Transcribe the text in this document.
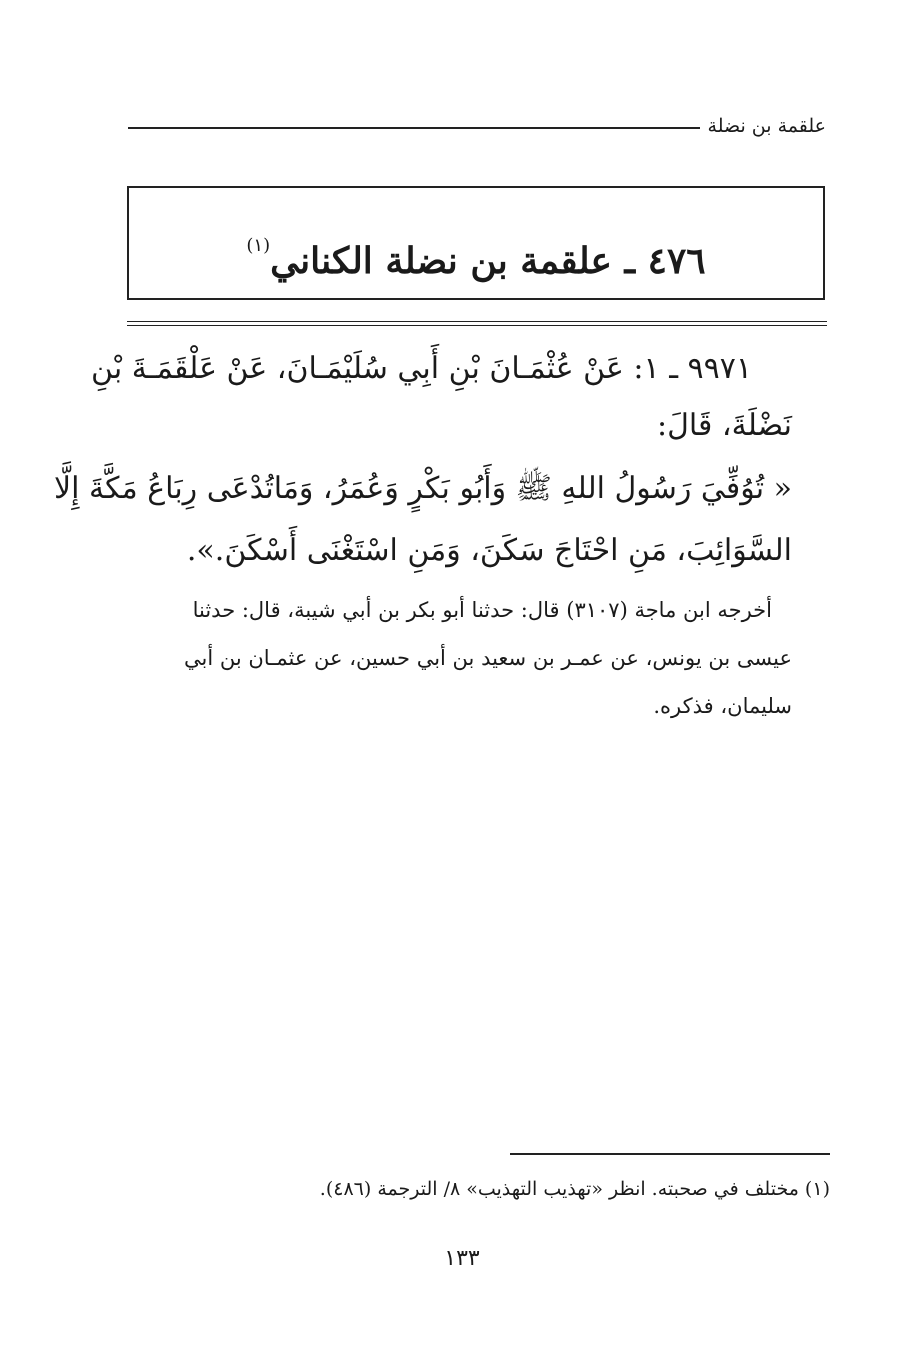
علقمة بن نضلة
٤٧٦ ـ علقمة بن نضلة الكناني$^{(١)}$
٩٩٧١ ـ ١: عَنْ عُثْمَـانَ بْنِ أَبِي سُلَيْمَـانَ، عَنْ عَلْقَمَـةَ بْنِ
نَضْلَةَ، قَالَ:
« تُوُفِّيَ رَسُولُ اللهِ ﷺ وَأَبُو بَكْرٍ وَعُمَرُ، وَمَاتُدْعَى رِبَاعُ مَكَّةَ إِلَّا
السَّوَائِبَ، مَنِ احْتَاجَ سَكَنَ، وَمَنِ اسْتَغْنَى أَسْكَنَ.».
أخرجه ابن ماجة (٣١٠٧) قال: حدثنا أبو بكر بن أبي شيبة، قال: حدثنا
عيسى بن يونس، عن عمـر بن سعيد بن أبي حسين، عن عثمـان بن أبي
سليمان، فذكره.
(١) مختلف في صحبته. انظر «تهذيب التهذيب» ٨/ الترجمة (٤٨٦).
١٣٣
